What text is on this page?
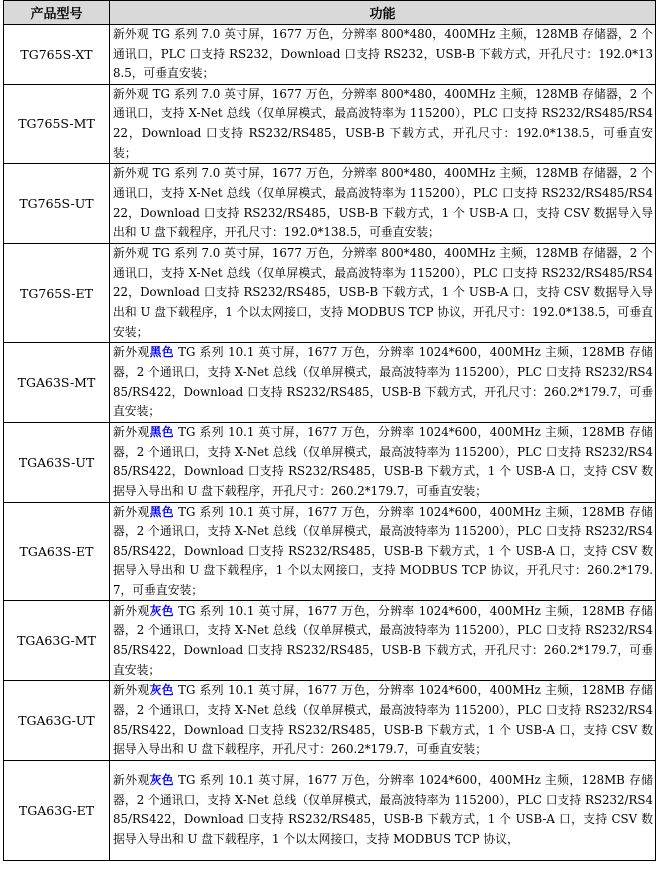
产品型号	功能
TG765S-XT	新外观 TG 系列 7.0 英寸屏，1677 万色，分辨率 800*480，400MHz 主频，128MB 存储器，2 个通讯口，PLC 口支持 RS232，Download 口支持 RS232，USB-B 下载方式，开孔尺寸：192.0*138.5，可垂直安装；
TG765S-MT	新外观 TG 系列 7.0 英寸屏，1677 万色，分辨率 800*480，400MHz 主频，128MB 存储器，2 个通讯口，支持 X-Net 总线（仅单屏模式，最高波特率为 115200），PLC 口支持 RS232/RS485/RS422，Download 口支持 RS232/RS485，USB-B 下载方式，开孔尺寸：192.0*138.5，可垂直安装；
TG765S-UT	新外观 TG 系列 7.0 英寸屏，1677 万色，分辨率 800*480，400MHz 主频，128MB 存储器，2 个通讯口，支持 X-Net 总线（仅单屏模式，最高波特率为 115200），PLC 口支持 RS232/RS485/RS422，Download 口支持 RS232/RS485，USB-B 下载方式，1 个 USB-A 口，支持 CSV 数据导入导出和 U 盘下载程序，开孔尺寸：192.0*138.5，可垂直安装；
TG765S-ET	新外观 TG 系列 7.0 英寸屏，1677 万色，分辨率 800*480，400MHz 主频，128MB 存储器，2 个通讯口，支持 X-Net 总线（仅单屏模式，最高波特率为 115200），PLC 口支持 RS232/RS485/RS422，Download 口支持 RS232/RS485，USB-B 下载方式，1 个 USB-A 口，支持 CSV 数据导入导出和 U 盘下载程序，1 个以太网接口，支持 MODBUS TCP 协议，开孔尺寸：192.0*138.5，可垂直安装；
TGA63S-MT	新外观黑色 TG 系列 10.1 英寸屏，1677 万色，分辨率 1024*600，400MHz 主频，128MB 存储器，2 个通讯口，支持 X-Net 总线（仅单屏模式，最高波特率为 115200），PLC 口支持 RS232/RS485/RS422，Download 口支持 RS232/RS485，USB-B 下载方式，开孔尺寸：260.2*179.7，可垂直安装；
TGA63S-UT	新外观黑色 TG 系列 10.1 英寸屏，1677 万色，分辨率 1024*600，400MHz 主频，128MB 存储器，2 个通讯口，支持 X-Net 总线（仅单屏模式，最高波特率为 115200），PLC 口支持 RS232/RS485/RS422，Download 口支持 RS232/RS485，USB-B 下载方式，1 个 USB-A 口，支持 CSV 数据导入导出和 U 盘下载程序，开孔尺寸：260.2*179.7，可垂直安装；
TGA63S-ET	新外观黑色 TG 系列 10.1 英寸屏，1677 万色，分辨率 1024*600，400MHz 主频，128MB 存储器，2 个通讯口，支持 X-Net 总线（仅单屏模式，最高波特率为 115200），PLC 口支持 RS232/RS485/RS422，Download 口支持 RS232/RS485，USB-B 下载方式，1 个 USB-A 口，支持 CSV 数据导入导出和 U 盘下载程序，1 个以太网接口，支持 MODBUS TCP 协议，开孔尺寸：260.2*179.7，可垂直安装；
TGA63G-MT	新外观灰色 TG 系列 10.1 英寸屏，1677 万色，分辨率 1024*600，400MHz 主频，128MB 存储器，2 个通讯口，支持 X-Net 总线（仅单屏模式，最高波特率为 115200），PLC 口支持 RS232/RS485/RS422，Download 口支持 RS232/RS485，USB-B 下载方式，开孔尺寸：260.2*179.7，可垂直安装；
TGA63G-UT	新外观灰色 TG 系列 10.1 英寸屏，1677 万色，分辨率 1024*600，400MHz 主频，128MB 存储器，2 个通讯口，支持 X-Net 总线（仅单屏模式，最高波特率为 115200），PLC 口支持 RS232/RS485/RS422，Download 口支持 RS232/RS485，USB-B 下载方式，1 个 USB-A 口，支持 CSV 数据导入导出和 U 盘下载程序，开孔尺寸：260.2*179.7，可垂直安装；
TGA63G-ET	新外观灰色 TG 系列 10.1 英寸屏，1677 万色，分辨率 1024*600，400MHz 主频，128MB 存储器，2 个通讯口，支持 X-Net 总线（仅单屏模式，最高波特率为 115200），PLC 口支持 RS232/RS485/RS422，Download 口支持 RS232/RS485，USB-B 下载方式，1 个 USB-A 口，支持 CSV 数据导入导出和 U 盘下载程序，1 个以太网接口，支持 MODBUS TCP 协议，
